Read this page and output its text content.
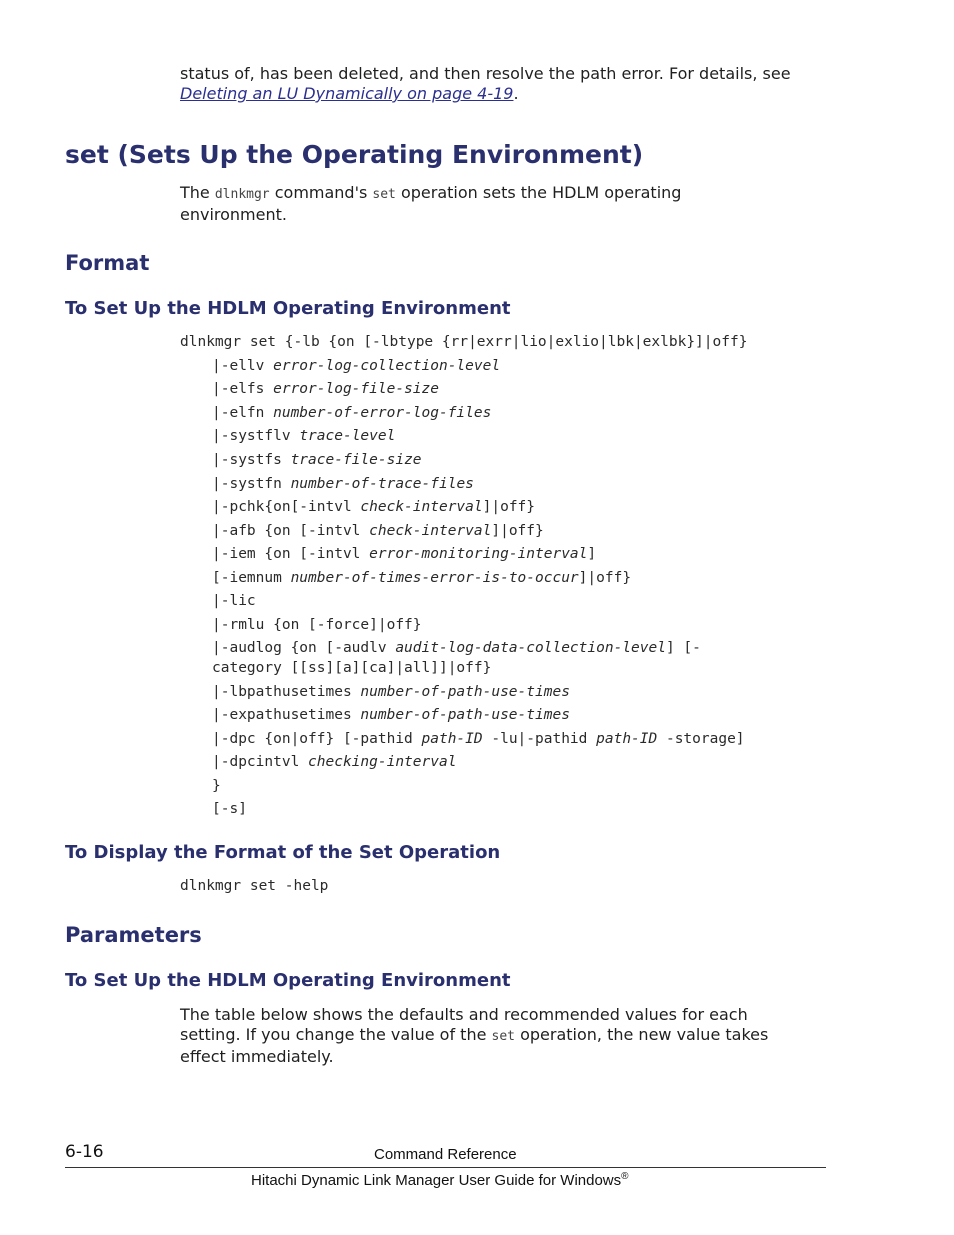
status of, has been deleted, and then resolve the path error. For details, see
Deleting an LU Dynamically on page 4-19.
set (Sets Up the Operating Environment)
The dlnkmgr command's set operation sets the HDLM operating
environment.
Format
To Set Up the HDLM Operating Environment
dlnkmgr set {-lb {on [-lbtype {rr|exrr|lio|exlio|lbk|exlbk}]|off}
|-ellv error-log-collection-level
|-elfs error-log-file-size
|-elfn number-of-error-log-files
|-systflv trace-level
|-systfs trace-file-size
|-systfn number-of-trace-files
|-pchk{on[-intvl check-interval]|off}
|-afb {on [-intvl check-interval]|off}
|-iem {on [-intvl error-monitoring-interval]
[-iemnum number-of-times-error-is-to-occur]|off}
|-lic
|-rmlu {on [-force]|off}
|-audlog {on [-audlv audit-log-data-collection-level] [-
category [[ss][a][ca]|all]]|off}
|-lbpathusetimes number-of-path-use-times
|-expathusetimes number-of-path-use-times
|-dpc {on|off} [-pathid path-ID -lu|-pathid path-ID -storage]
|-dpcintvl checking-interval
}
[-s]
To Display the Format of the Set Operation
dlnkmgr set -help
Parameters
To Set Up the HDLM Operating Environment
The table below shows the defaults and recommended values for each
setting. If you change the value of the set operation, the new value takes
effect immediately.
6-16	Command Reference
Hitachi Dynamic Link Manager User Guide for Windows®
